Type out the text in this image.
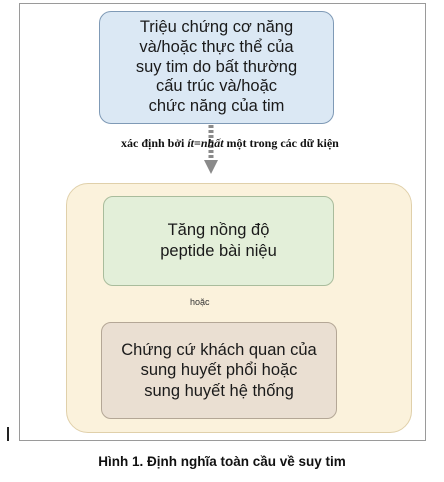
Triệu chứng cơ năng
và/hoặc thực thể của
suy tim do bất thường
cấu trúc và/hoặc
chức năng của tim
xác định bởi ít=nhất một trong các dữ kiện
Tăng nồng độ
peptide bài niệu
hoặc
Chứng cứ khách quan của
sung huyết phổi hoặc
sung huyết hệ thống
Hình 1. Định nghĩa toàn cầu về suy tim
